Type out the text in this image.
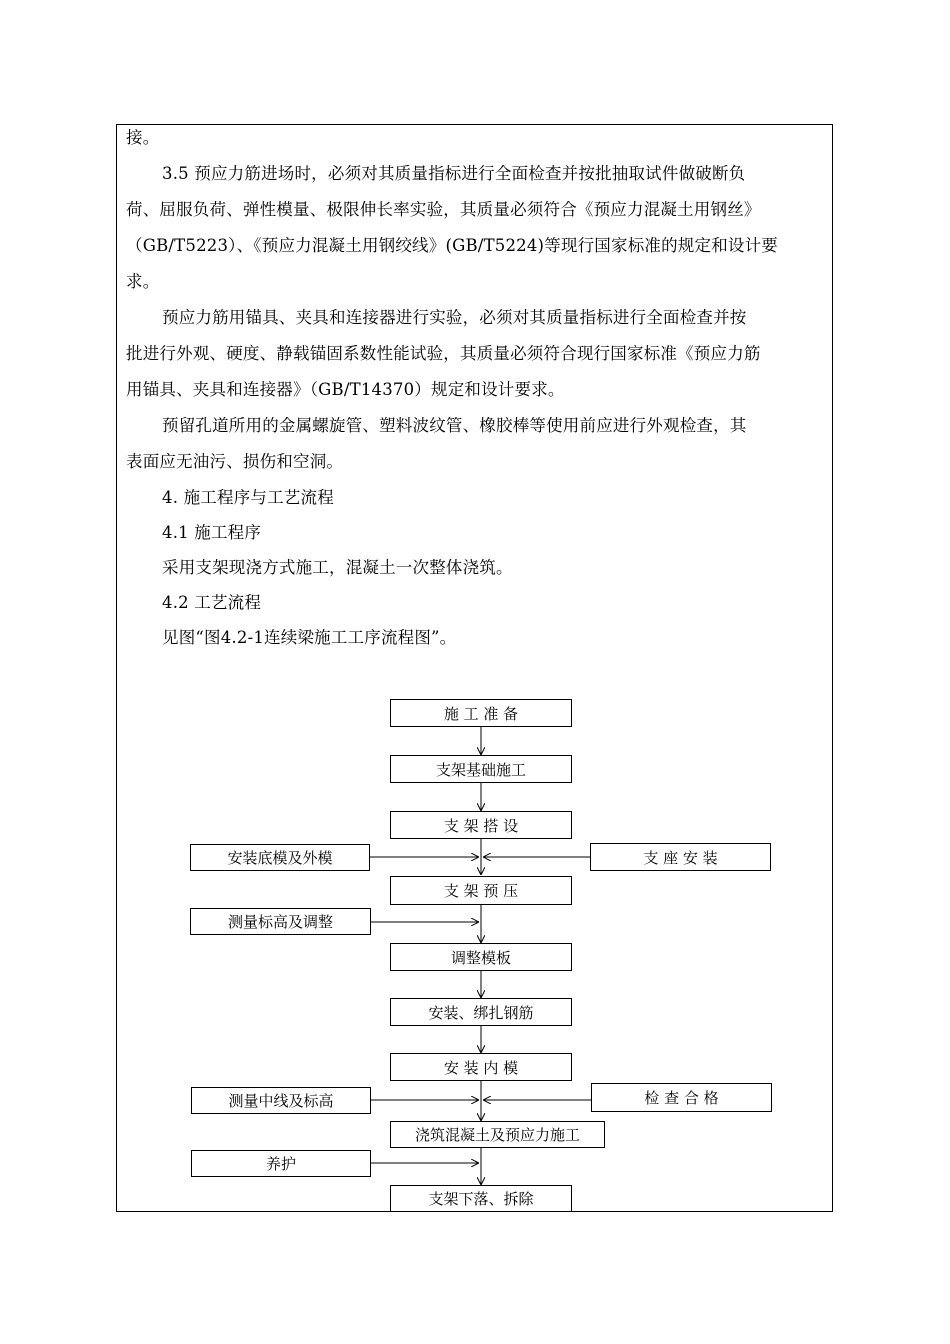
接。
3.5 预应力筋进场时，必须对其质量指标进行全面检查并按批抽取试件做破断负
荷、屈服负荷、弹性模量、极限伸长率实验，其质量必须符合《预应力混凝土用钢丝》
（GB/T5223）、《预应力混凝土用钢绞线》(GB/T5224)等现行国家标准的规定和设计要
求。
预应力筋用锚具、夹具和连接器进行实验，必须对其质量指标进行全面检查并按
批进行外观、硬度、静载锚固系数性能试验，其质量必须符合现行国家标准《预应力筋
用锚具、夹具和连接器》（GB/T14370）规定和设计要求。
预留孔道所用的金属螺旋管、塑料波纹管、橡胶棒等使用前应进行外观检查，其
表面应无油污、损伤和空洞。
4. 施工程序与工艺流程
4.1 施工程序
采用支架现浇方式施工，混凝土一次整体浇筑。
4.2 工艺流程
见图“图4.2-1连续梁施工工序流程图”。
施 工 准 备
支架基础施工
支 架 搭 设
支 架 预 压
调整模板
安装、绑扎钢筋
安 装 内 模
浇筑混凝土及预应力施工
支架下落、拆除
安装底模及外模	支 座 安 装
测量标高及调整
测量中线及标高	检 查 合 格
养护
